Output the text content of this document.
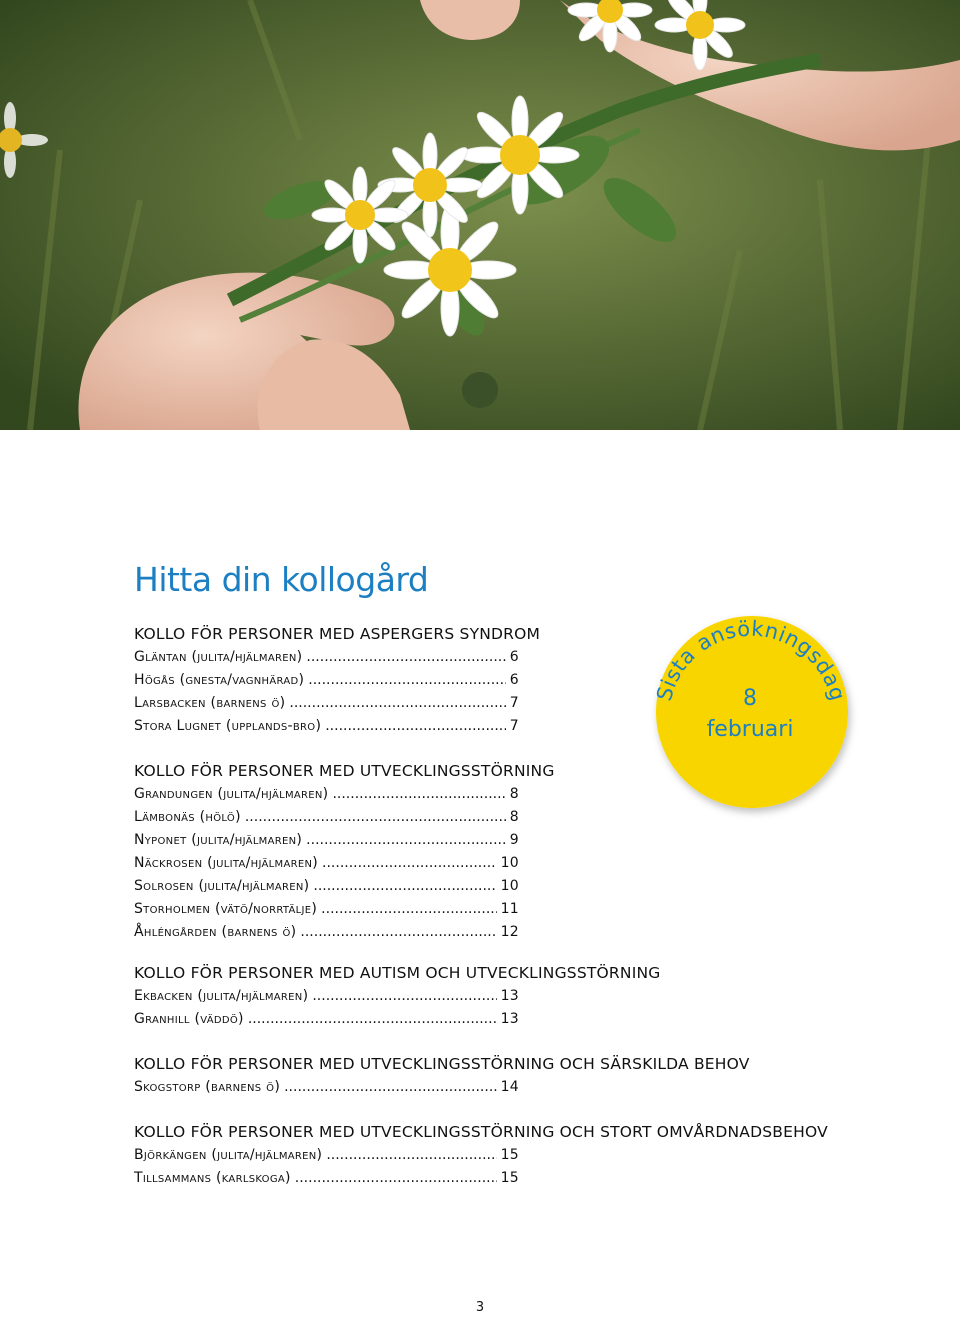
Hitta din kollogård
KOLLO FÖR PERSONER MED ASPERGERS SYNDROM
Gläntan (julita/hjälmaren) .....	6
Högås (gnesta/vagnhärad) .....	6
Larsbacken (barnens ö) .....	7
Stora Lugnet (upplands-bro) .....	7
KOLLO FÖR PERSONER MED UTVECKLINGSSTÖRNING
Grandungen (julita/hjälmaren) .....	8
Lämbonäs (hölö) .....	8
Nyponet (julita/hjälmaren) .....	9
Näckrosen (julita/hjälmaren) .....	10
Solrosen (julita/hjälmaren) .....	10
Storholmen (vätö/norrtälje) .....	11
Åhléngården (barnens ö) .....	12
KOLLO FÖR PERSONER MED AUTISM OCH UTVECKLINGSSTÖRNING
Ekbacken (julita/hjälmaren) .....	13
Granhill (väddö) .....	13
KOLLO FÖR PERSONER MED UTVECKLINGSSTÖRNING OCH SÄRSKILDA BEHOV
Skogstorp (barnens ö) .....	14
KOLLO FÖR PERSONER MED UTVECKLINGSSTÖRNING OCH STORT OMVÅRDNADSBEHOV
Björkängen (julita/hjälmaren) .....	15
Tillsammans (karlskoga) .....	15
Sista ansökningsdag
8
februari
3
